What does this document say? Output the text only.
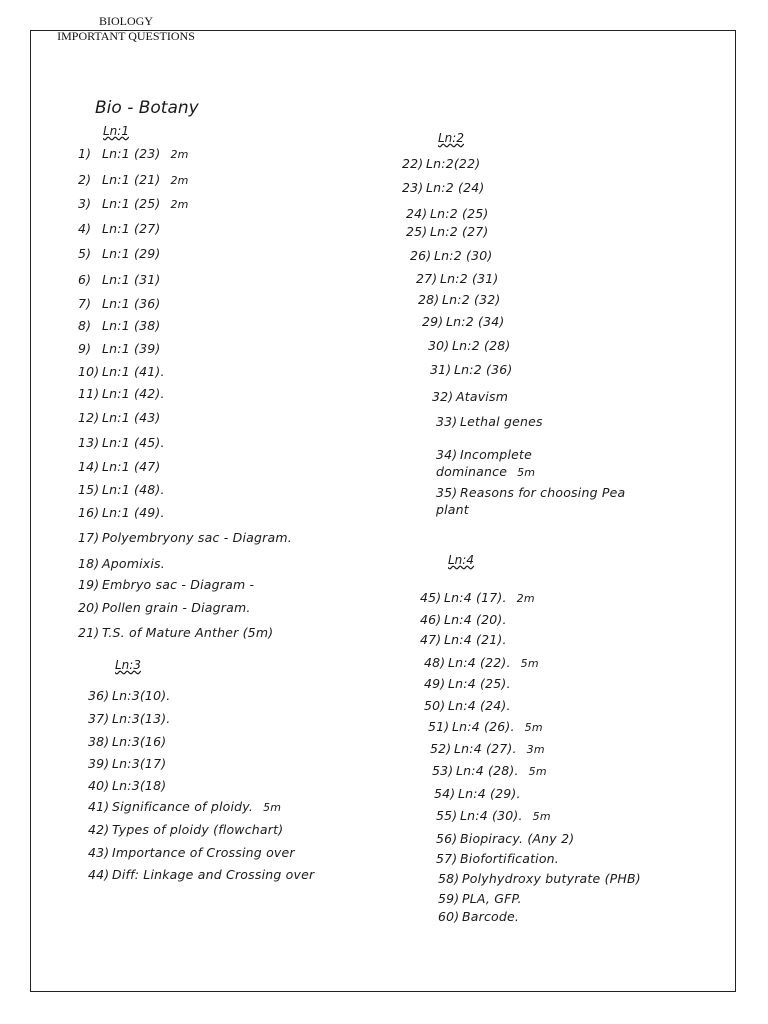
BIOLOGY
IMPORTANT QUESTIONS
Bio - Botany
Ln:1
1) Ln:1 (23) 2m
2) Ln:1 (21) 2m
3) Ln:1 (25) 2m
4) Ln:1 (27)
5) Ln:1 (29)
6) Ln:1 (31)
7) Ln:1 (36)
8) Ln:1 (38)
9) Ln:1 (39)
10) Ln:1 (41).
11) Ln:1 (42).
12) Ln:1 (43)
13) Ln:1 (45).
14) Ln:1 (47)
15) Ln:1 (48).
16) Ln:1 (49).
17) Polyembryony sac - Diagram.
18) Apomixis.
19) Embryo sac - Diagram -
20) Pollen grain - Diagram.
21) T.S. of Mature Anther (5m)
Ln:3
36) Ln:3(10).
37) Ln:3(13).
38) Ln:3(16)
39) Ln:3(17)
40) Ln:3(18)
41) Significance of ploidy. 5m
42) Types of ploidy (flowchart)
43) Importance of Crossing over
44) Diff: Linkage and Crossing over
Ln:2
22) Ln:2(22)
23) Ln:2 (24)
24) Ln:2 (25)
25) Ln:2 (27)
26) Ln:2 (30)
27) Ln:2 (31)
28) Ln:2 (32)
29) Ln:2 (34)
30) Ln:2 (28)
31) Ln:2 (36)
32) Atavism
33) Lethal genes
34) Incomplete dominance 5m
35) Reasons for choosing Pea plant
Ln:4
45) Ln:4 (17). 2m
46) Ln:4 (20).
47) Ln:4 (21).
48) Ln:4 (22). 5m
49) Ln:4 (25).
50) Ln:4 (24).
51) Ln:4 (26). 5m
52) Ln:4 (27). 3m
53) Ln:4 (28). 5m
54) Ln:4 (29).
55) Ln:4 (30). 5m
56) Biopiracy. (Any 2)
57) Biofortification.
58) Polyhydroxy butyrate (PHB)
59) PLA, GFP.
60) Barcode.
